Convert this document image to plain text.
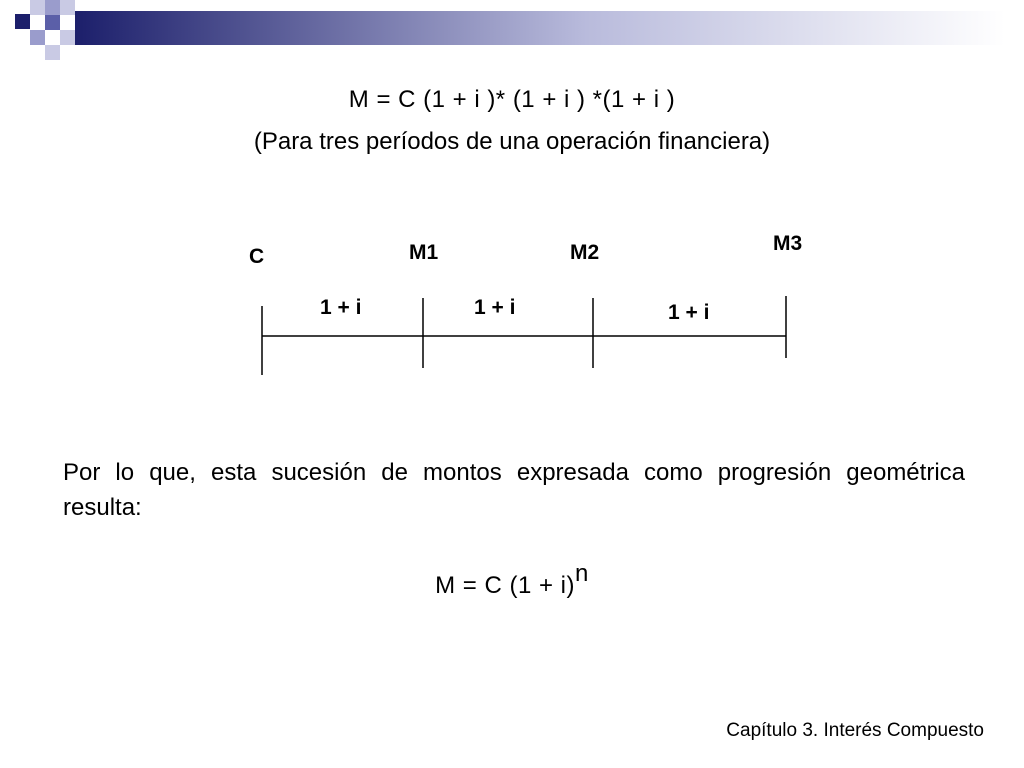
M = C (1 + i )* (1 + i ) *(1 + i )
(Para tres períodos de una operación financiera)
C	M1	M2	M3
1 + i	1 + i	1 + i
Por lo que, esta sucesión de montos expresada como progresión geométrica resulta:
M = C (1 + i)n
Capítulo 3. Interés Compuesto
